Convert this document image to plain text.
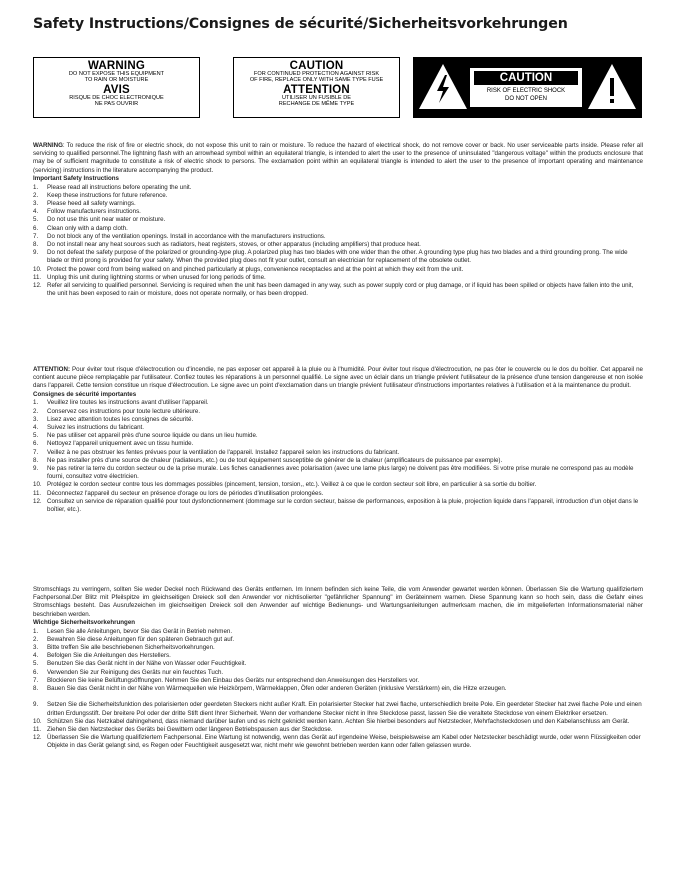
Safety Instructions/Consignes de sécurité/Sicherheitsvorkehrungen
WARNING
DO NOT EXPOSE THIS EQUIPMENT
TO RAIN OR MOISTURE
AVIS
RISQUE DE CHOC ELECTRONIQUE
NE PAS OUVRIR
CAUTION
FOR CONTINUED PROTECTION AGAINST RISK
OF FIRE, REPLACE ONLY WITH SAME TYPE FUSE
ATTENTION
UTILISER UN FUSIBLE DE
RECHANGE DE MÊME TYPE
CAUTION
RISK OF ELECTRIC SHOCK
DO NOT OPEN

WARNING: To reduce the risk of fire or electric shock, do not expose this unit to rain or moisture. To reduce the hazard of electrical shock, do not remove cover or back. No user serviceable parts inside. Please refer all servicing to qualified personnel.The lightning flash with an arrowhead symbol within an equilateral triangle, is intended to alert the user to the presence of uninsulated "dangerous voltage" within the products enclosure that may be of sufficient magnitude to constitute a risk of electric shock to persons. The exclamation point within an equilateral triangle is intended to alert the user to the presence of important operating and maintenance (servicing) instructions in the literature accompanying the product.

Important Safety Instructions
1. Please read all instructions before operating the unit.
2. Keep these instructions for future reference.
3. Please heed all safety warnings.
4. Follow manufacturers instructions.
5. Do not use this unit near water or moisture.
6. Clean only with a damp cloth.
7. Do not block any of the ventilation openings. Install in accordance with the manufacturers instructions.
8. Do not install near any heat sources such as radiators, heat registers, stoves, or other apparatus (including amplifiers) that produce heat.
9. Do not defeat the safety purpose of the polarized or grounding-type plug. A polarized plug has two blades with one wider than the other. A grounding type plug has two blades and a third grounding prong. The wide blade or third prong is provided for your safety. When the provided plug does not fit your outlet, consult an electrician for replacement of the obsolete outlet.
10. Protect the power cord from being walked on and pinched particularly at plugs, convenience receptacles and at the point at which they exit from the unit.
11. Unplug this unit during lightning storms or when unused for long periods of time.
12. Refer all servicing to qualified personnel. Servicing is required when the unit has been damaged in any way, such as power supply cord or plug damage, or if liquid has been spilled or objects have fallen into the unit, the unit has been exposed to rain or moisture, does not operate normally, or has been dropped.

ATTENTION: Pour éviter tout risque d'électrocution ou d'incendie, ne pas exposer cet appareil à la pluie ou à l'humidité. Pour éviter tout risque d'électrocution, ne pas ôter le couvercle ou le dos du boîtier. Cet appareil ne contient aucune pièce remplaçable par l'utilisateur. Confiez toutes les réparations à un personnel qualifié. Le signe avec un éclair dans un triangle prévient l'utilisateur de la présence d'une tension dangereuse et non isolée dans l'appareil. Cette tension constitue un risque d'électrocution. Le signe avec un point d'exclamation dans un triangle prévient l'utilisateur d'instructions importantes relatives à l'utilisation et à la maintenance du produit.

Consignes de sécurité importantes
1. Veuillez lire toutes les instructions avant d'utiliser l'appareil.
2. Conservez ces instructions pour toute lecture ultérieure.
3. Lisez avec attention toutes les consignes de sécurité.
4. Suivez les instructions du fabricant.
5. Ne pas utiliser cet appareil près d'une source liquide ou dans un lieu humide.
6. Nettoyez l'appareil uniquement avec un tissu humide.
7. Veillez à ne pas obstruer les fentes prévues pour la ventilation de l'appareil. Installez l'appareil selon les instructions du fabricant.
8. Ne pas installer près d'une source de chaleur (radiateurs, etc.) ou de tout équipement susceptible de générer de la chaleur (amplificateurs de puissance par exemple).
9. Ne pas retirer la terre du cordon secteur ou de la prise murale. Les fiches canadiennes avec polarisation (avec une lame plus large) ne doivent pas être modifiées. Si votre prise murale ne correspond pas au modèle fourni, consultez votre électricien.
10. Protégez le cordon secteur contre tous les dommages possibles (pincement, tension, torsion,, etc.). Veillez à ce que le cordon secteur soit libre, en particulier à sa sortie du boîtier.
11. Déconnectez l'appareil du secteur en présence d'orage ou lors de périodes d'inutilisation prolongées.
12. Consultez un service de réparation qualifié pour tout dysfonctionnement (dommage sur le cordon secteur, baisse de performances, exposition à la pluie, projection liquide dans l'appareil, introduction d'un objet dans le boîtier, etc.).

Stromschlags zu verringern, sollten Sie weder Deckel noch Rückwand des Geräts entfernen. Im Innern befinden sich keine Teile, die vom Anwender gewartet werden können. Überlassen Sie die Wartung qualifiziertem Fachpersonal.Der Blitz mit Pfeilspitze im gleichseitigen Dreieck soll den Anwender vor nichtisolierter "gefährlicher Spannung" im Geräteinnern warnen. Diese Spannung kann so hoch sein, dass die Gefahr eines Stromschlags besteht. Das Ausrufezeichen im gleichseitigen Dreieck soll den Anwender auf wichtige Bedienungs- und Wartungsanleitungen aufmerksam machen, die im mitgelieferten Informationsmaterial näher beschrieben werden.

Wichtige Sicherheitsvorkehrungen
1. Lesen Sie alle Anleitungen, bevor Sie das Gerät in Betrieb nehmen.
2. Bewahren Sie diese Anleitungen für den späteren Gebrauch gut auf.
3. Bitte treffen Sie alle beschriebenen Sicherheitsvorkehrungen.
4. Befolgen Sie die Anleitungen des Herstellers.
5. Benutzen Sie das Gerät nicht in der Nähe von Wasser oder Feuchtigkeit.
6. Verwenden Sie zur Reinigung des Geräts nur ein feuchtes Tuch.
7. Blockieren Sie keine Belüftungsöffnungen. Nehmen Sie den Einbau des Geräts nur entsprechend den Anweisungen des Herstellers vor.
8. Bauen Sie das Gerät nicht in der Nähe von Wärmequellen wie Heizkörpern, Wärmeklappen, Öfen oder anderen Geräten (inklusive Verstärkern) ein, die Hitze erzeugen.
9. Setzen Sie die Sicherheitsfunktion des polarisierten oder geerdeten Steckers nicht außer Kraft. Ein polarisierter Stecker hat zwei flache, unterschiedlich breite Pole. Ein geerdeter Stecker hat zwei flache Pole und einen dritten Erdungsstift. Der breitere Pol oder der dritte Stift dient Ihrer Sicherheit. Wenn der vorhandene Stecker nicht in Ihre Steckdose passt, lassen Sie die veraltete Steckdose von einem Elektriker ersetzen.
10. Schützen Sie das Netzkabel dahingehend, dass niemand darüber laufen und es nicht geknickt werden kann. Achten Sie hierbei besonders auf Netzstecker, Mehrfachsteckdosen und den Kabelanschluss am Gerät.
11. Ziehen Sie den Netzstecker des Geräts bei Gewittern oder längeren Betriebspausen aus der Steckdose.
12. Überlassen Sie die Wartung qualifiziertem Fachpersonal. Eine Wartung ist notwendig, wenn das Gerät auf irgendeine Weise, beispielsweise am Kabel oder Netzstecker beschädigt wurde, oder wenn Flüssigkeiten oder Objekte in das Gerät gelangt sind, es Regen oder Feuchtigkeit ausgesetzt war, nicht mehr wie gewohnt betrieben werden kann oder fallen gelassen wurde.
